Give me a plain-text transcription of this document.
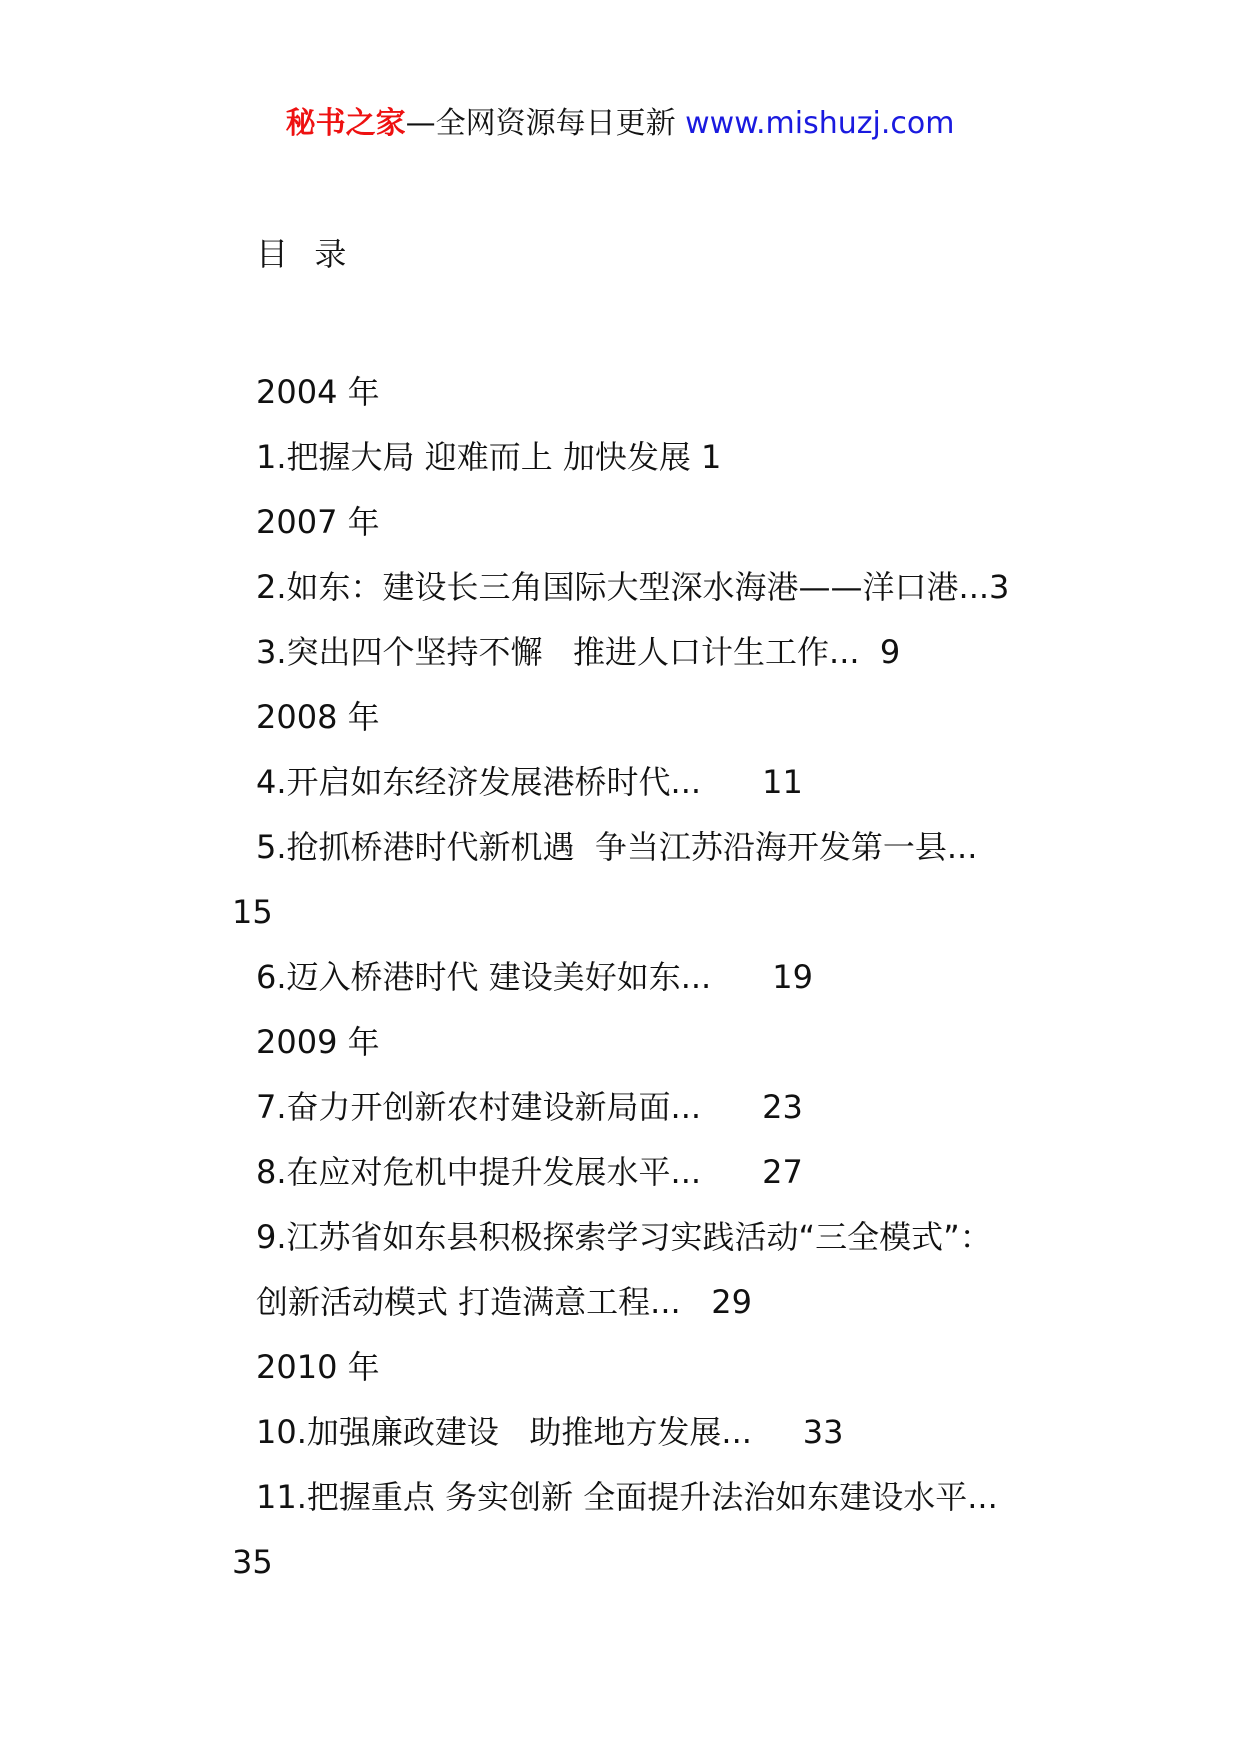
秘书之家—全网资源每日更新 www.mishuzj.com
目  录
2004 年
1.把握大局 迎难而上 加快发展 1
2007 年
2.如东：建设长三角国际大型深水海港——洋口港...3
3.突出四个坚持不懈   推进人口计生工作...  9
2008 年
4.开启如东经济发展港桥时代...      11
5.抢抓桥港时代新机遇  争当江苏沿海开发第一县...
15
6.迈入桥港时代 建设美好如东...      19
2009 年
7.奋力开创新农村建设新局面...      23
8.在应对危机中提升发展水平...      27
9.江苏省如东县积极探索学习实践活动“三全模式”：
创新活动模式 打造满意工程...   29
2010 年
10.加强廉政建设   助推地方发展...     33
11.把握重点 务实创新 全面提升法治如东建设水平...
35
